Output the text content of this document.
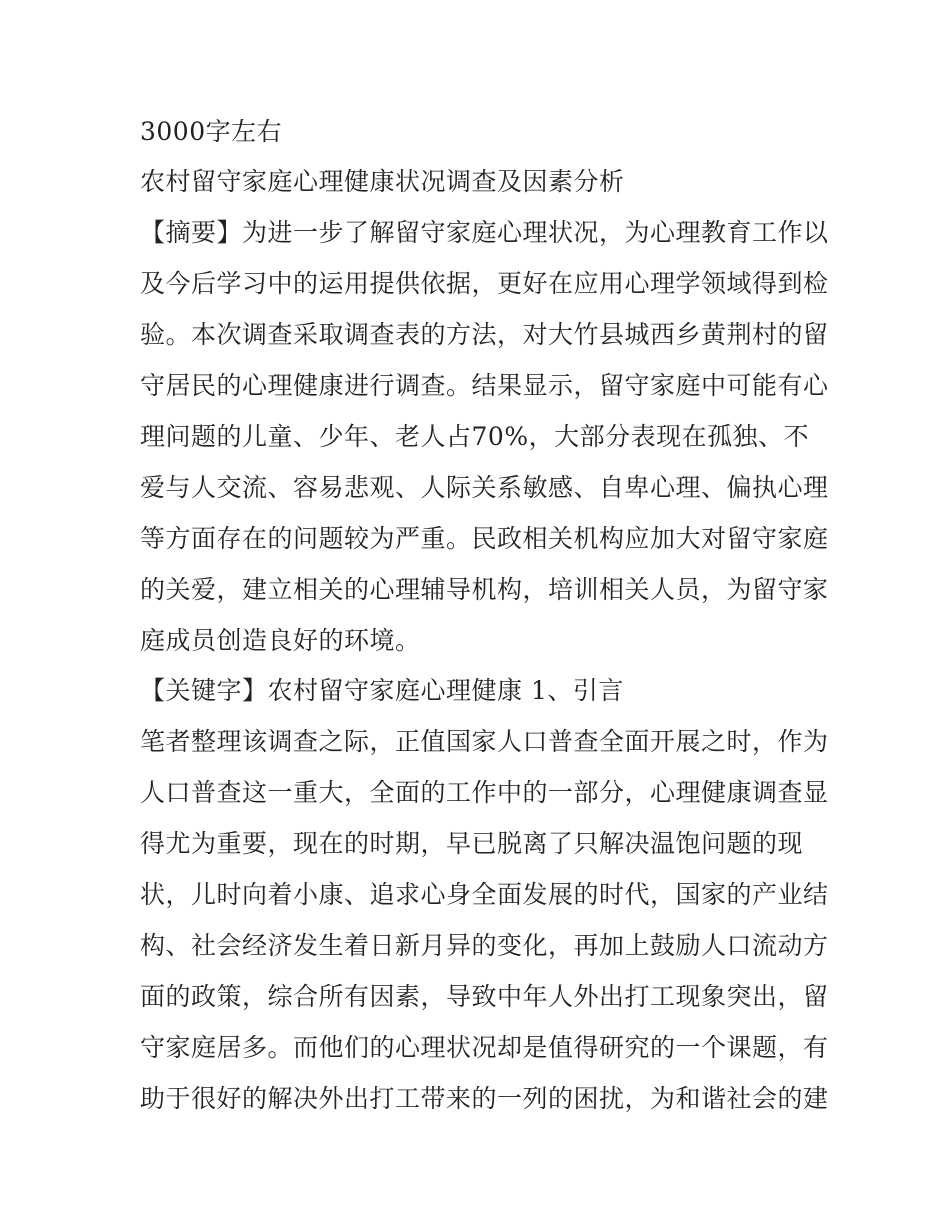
3000字左右
农村留守家庭心理健康状况调查及因素分析
【摘要】为进一步了解留守家庭心理状况，为心理教育工作以
及今后学习中的运用提供依据，更好在应用心理学领域得到检
验。本次调查采取调查表的方法，对大竹县城西乡黄荆村的留
守居民的心理健康进行调查。结果显示，留守家庭中可能有心
理问题的儿童、少年、老人占70%，大部分表现在孤独、不
爱与人交流、容易悲观、人际关系敏感、自卑心理、偏执心理
等方面存在的问题较为严重。民政相关机构应加大对留守家庭
的关爱，建立相关的心理辅导机构，培训相关人员，为留守家
庭成员创造良好的环境。
【关键字】农村留守家庭心理健康 1、引言
笔者整理该调查之际，正值国家人口普查全面开展之时，作为
人口普查这一重大，全面的工作中的一部分，心理健康调查显
得尤为重要，现在的时期，早已脱离了只解决温饱问题的现
状，儿时向着小康、追求心身全面发展的时代，国家的产业结
构、社会经济发生着日新月异的变化，再加上鼓励人口流动方
面的政策，综合所有因素，导致中年人外出打工现象突出，留
守家庭居多。而他们的心理状况却是值得研究的一个课题，有
助于很好的解决外出打工带来的一列的困扰，为和谐社会的建
